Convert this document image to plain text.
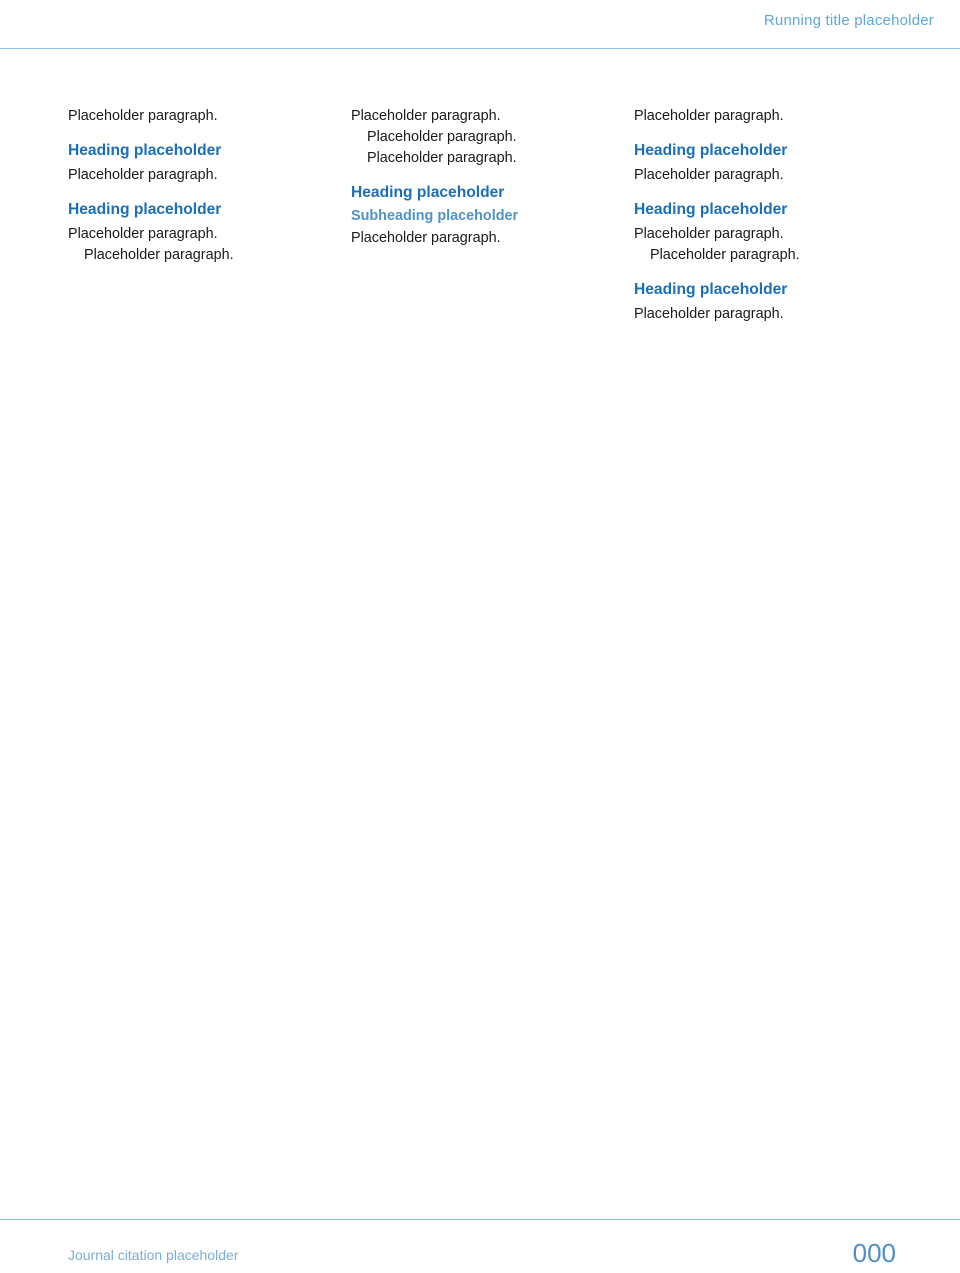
Running title placeholder

Placeholder paragraph.

Heading placeholder

Placeholder paragraph.

Heading placeholder

Placeholder paragraph.

Placeholder paragraph.

Placeholder paragraph.

Placeholder paragraph.

Placeholder paragraph.

Heading placeholder
Subheading placeholder

Placeholder paragraph.

Placeholder paragraph.

Heading placeholder

Placeholder paragraph.

Heading placeholder

Placeholder paragraph.

Placeholder paragraph.

Heading placeholder

Placeholder paragraph.

Journal citation placeholder	000
